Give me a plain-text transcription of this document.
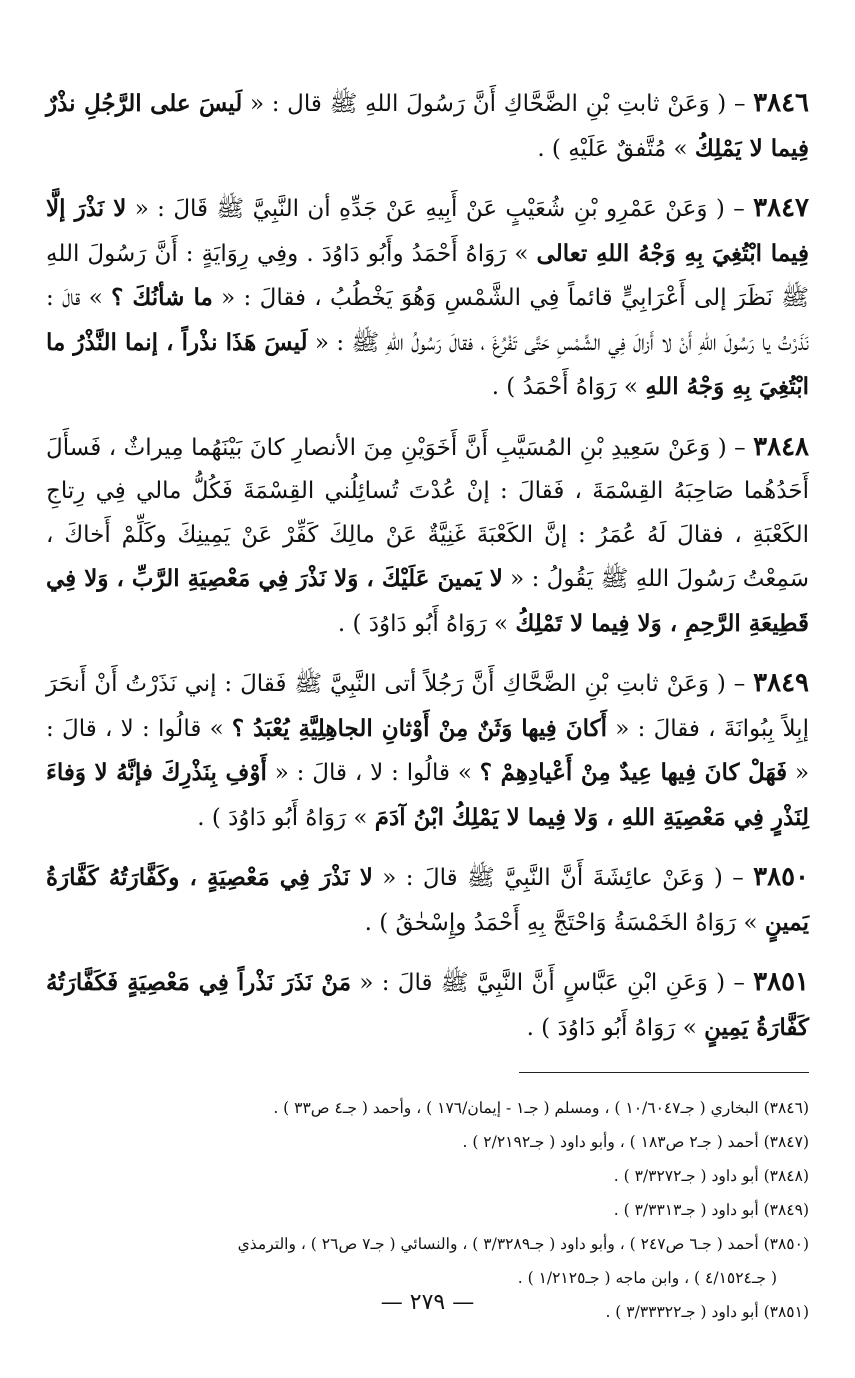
٣٨٤٦ – ( وَعَنْ ثابتِ بْنِ الضَّحَّاكِ أَنَّ رَسُولَ اللهِ ﷺ قال : « لَيسَ على الرَّجُلِ نذْرٌ فِيما لا يَمْلِكُ » مُتَّفقٌ عَلَيْهِ ) .

٣٨٤٧ – ( وَعَنْ عَمْرِو بْنِ شُعَيْبٍ عَنْ أَبِيهِ عَنْ جَدِّهِ أن النَّبِيَّ ﷺ قَالَ : « لا نَذْرَ إلَّا فِيما ابْتُغِيَ بِهِ وَجْهُ اللهِ تعالى » رَوَاهُ أَحْمَدُ وأَبُو دَاوُدَ . وفِي رِوَايَةٍ : أَنَّ رَسُولَ اللهِ ﷺ نَظَرَ إلى أَعْرَابِيٍّ قائماً فِي الشَّمْسِ وَهُوَ يَخْطُبُ ، فقالَ : « ما شأنُكَ ؟ » قالَ : نَذَرْتُ يا رَسُولَ اللهِ أَنْ لا أَزالَ فِي الشَّمْسِ حَتَّى تَفْرُغَ ، فقالَ رَسُولُ اللهِ ﷺ : « لَيسَ هَذَا نذْراً ، إنما النَّذْرُ ما ابْتُغِيَ بِهِ وَجْهُ اللهِ » رَوَاهُ أَحْمَدُ ) .

٣٨٤٨ – ( وَعَنْ سَعِيدِ بْنِ المُسَيَّبِ أَنَّ أَخَوَيْنِ مِنَ الأنصارِ كانَ بَيْنَهُما مِيراثٌ ، فَسأَلَ أَحَدُهُما صَاحِبَهُ القِسْمَةَ ، فَقالَ : إنْ عُدْتَ تُسائِلُني القِسْمَةَ فَكُلُّ مالي فِي رِتاجِ الكَعْبَةِ ، فقالَ لَهُ عُمَرُ : إنَّ الكَعْبَةَ غَنِيَّةٌ عَنْ مالِكَ كَفِّرْ عَنْ يَمِينِكَ وكَلِّمْ أَخاكَ ، سَمِعْتُ رَسُولَ اللهِ ﷺ يَقُولُ : « لا يَمينَ عَلَيْكَ ، وَلا نَذْرَ فِي مَعْصِيَةِ الرَّبِّ ، وَلا فِي قَطِيعَةِ الرَّحِمِ ، وَلا فِيما لا تَمْلِكُ » رَوَاهُ أَبُو دَاوُدَ ) .

٣٨٤٩ – ( وَعَنْ ثابتِ بْنِ الضَّحَّاكِ أَنَّ رَجُلاً أتى النَّبِيَّ ﷺ فَقالَ : إني نَذَرْتُ أَنْ أَنحَرَ إبِلاً بِبُوانَةَ ، فقالَ : « أَكانَ فِيها وَثَنٌ مِنْ أَوْثانِ الجاهِلِيَّةِ يُعْبَدُ ؟ » قالُوا : لا ، قالَ : « فَهَلْ كانَ فِيها عِيدٌ مِنْ أَعْيادِهِمْ ؟ » قالُوا : لا ، قالَ : « أَوْفِ بِنَذْرِكَ فإنَّهُ لا وَفاءَ لِنَذْرٍ فِي مَعْصِيَةِ اللهِ ، وَلا فِيما لا يَمْلِكُ ابْنُ آدَمَ » رَوَاهُ أَبُو دَاوُدَ ) .

٣٨٥٠ – ( وَعَنْ عائِشَةَ أَنَّ النَّبِيَّ ﷺ قالَ : « لا نَذْرَ فِي مَعْصِيَةٍ ، وكَفَّارَتُهُ كَفَّارَةُ يَمينٍ » رَوَاهُ الخَمْسَةُ وَاحْتَجَّ بِهِ أَحْمَدُ وإِسْحٰقُ ) .

٣٨٥١ – ( وَعَنِ ابْنِ عَبَّاسٍ أَنَّ النَّبِيَّ ﷺ قالَ : « مَنْ نَذَرَ نَذْراً فِي مَعْصِيَةٍ فَكَفَّارَتُهُ كَفَّارَةُ يَمِينٍ » رَوَاهُ أَبُو دَاوُدَ ) .

(٣٨٤٦) البخاري ( جـ١٠/٦٠٤٧ ) ، ومسلم ( جـ١ - إيمان/١٧٦ ) ، وأحمد ( جـ٤ ص٣٣ ) .

(٣٨٤٧) أحمد ( جـ٢ ص١٨٣ ) ، وأبو داود ( جـ٢/٢١٩٢ ) .

(٣٨٤٨) أبو داود ( جـ٣/٣٢٧٢ ) .

(٣٨٤٩) أبو داود ( جـ٣/٣٣١٣ ) .

(٣٨٥٠) أحمد ( جـ٦ ص٢٤٧ ) ، وأبو داود ( جـ٣/٣٢٨٩ ) ، والنسائي ( جـ٧ ص٢٦ ) ، والترمذي

( جـ٤/١٥٢٤ ) ، وابن ماجه ( جـ١/٢١٢٥ ) .

(٣٨٥١) أبو داود ( جـ٣/٣٣٣٢٢ ) .

— ٢٧٩ —
